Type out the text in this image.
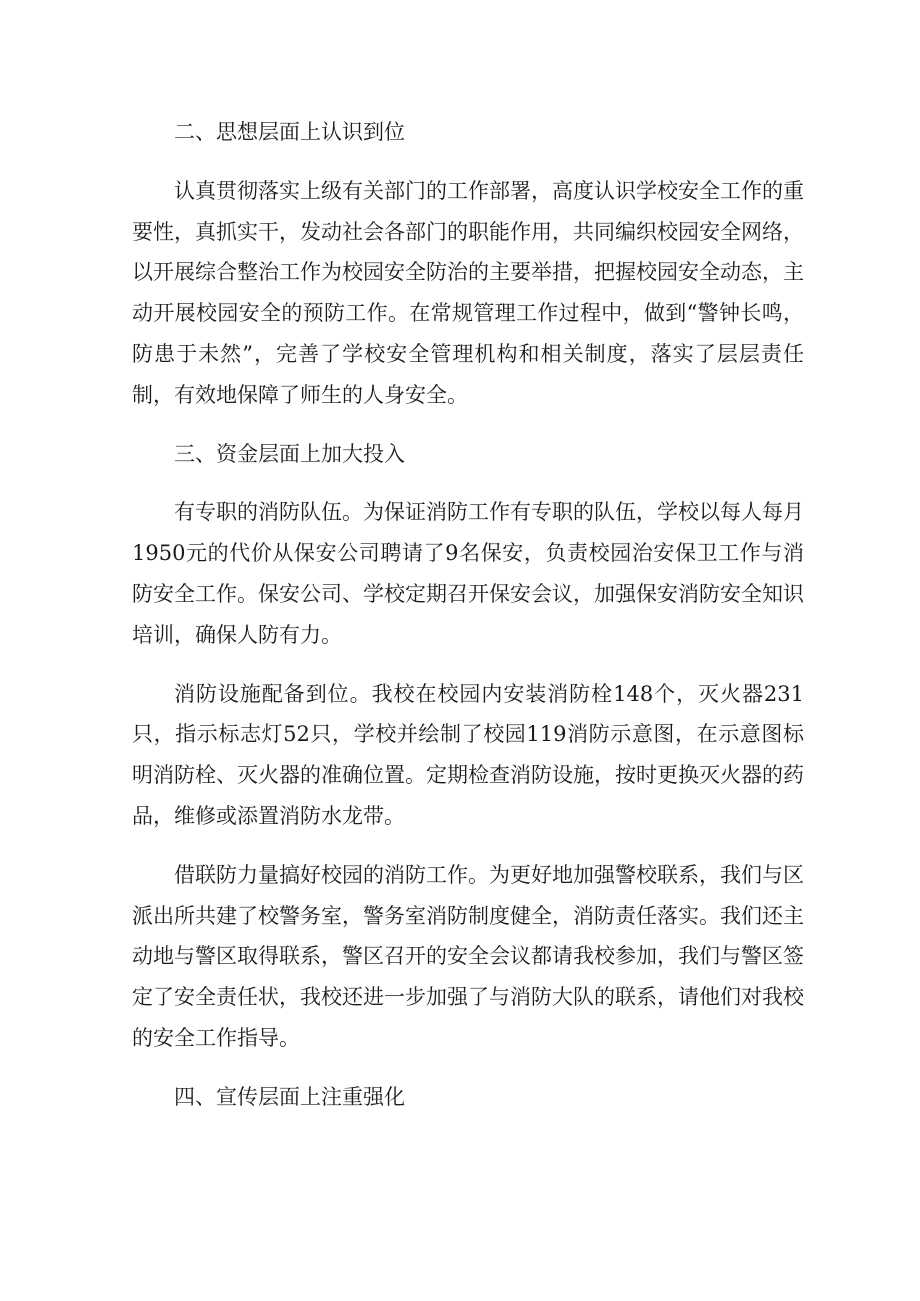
二、思想层面上认识到位

认真贯彻落实上级有关部门的工作部署，高度认识学校安全工作的重要性，真抓实干，发动社会各部门的职能作用，共同编织校园安全网络，以开展综合整治工作为校园安全防治的主要举措，把握校园安全动态，主动开展校园安全的预防工作。在常规管理工作过程中，做到“警钟长鸣，防患于未然”，完善了学校安全管理机构和相关制度，落实了层层责任制，有效地保障了师生的人身安全。

三、资金层面上加大投入

有专职的消防队伍。为保证消防工作有专职的队伍，学校以每人每月1950元的代价从保安公司聘请了9名保安，负责校园治安保卫工作与消防安全工作。保安公司、学校定期召开保安会议，加强保安消防安全知识培训，确保人防有力。

消防设施配备到位。我校在校园内安装消防栓148个，灭火器231只，指示标志灯52只，学校并绘制了校园119消防示意图，在示意图标明消防栓、灭火器的准确位置。定期检查消防设施，按时更换灭火器的药品，维修或添置消防水龙带。

借联防力量搞好校园的消防工作。为更好地加强警校联系，我们与区派出所共建了校警务室，警务室消防制度健全，消防责任落实。我们还主动地与警区取得联系，警区召开的安全会议都请我校参加，我们与警区签定了安全责任状，我校还进一步加强了与消防大队的联系，请他们对我校的安全工作指导。

四、宣传层面上注重强化
